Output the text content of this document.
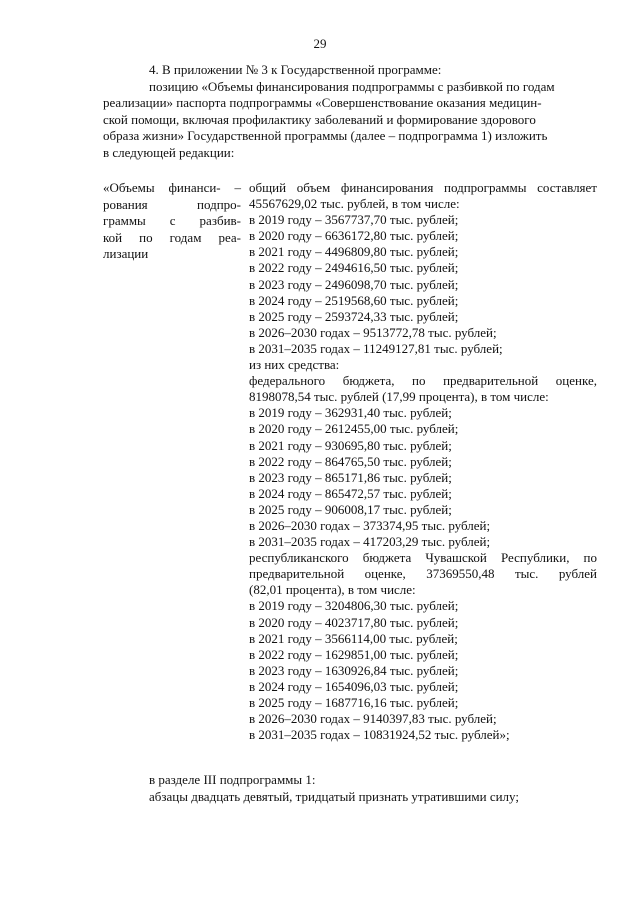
29

4. В приложении № 3 к Государственной программе:

позицию «Объемы финансирования подпрограммы с разбивкой по годам

реализации» паспорта подпрограммы «Совершенствование оказания медицин-

ской помощи, включая профилактику заболеваний и формирование здорового

образа жизни» Государственной программы (далее – подпрограмма 1) изложить

в следующей редакции:

«Объемы финанси- –

рования подпро-

граммы с разбив-

кой по годам реа-

лизации

общий объем финансирования подпрограммы составляет

45567629,02 тыс. рублей, в том числе:

в 2019 году – 3567737,70 тыс. рублей;

в 2020 году – 6636172,80 тыс. рублей;

в 2021 году – 4496809,80 тыс. рублей;

в 2022 году – 2494616,50 тыс. рублей;

в 2023 году – 2496098,70 тыс. рублей;

в 2024 году – 2519568,60 тыс. рублей;

в 2025 году – 2593724,33 тыс. рублей;

в 2026–2030 годах – 9513772,78 тыс. рублей;

в 2031–2035 годах – 11249127,81 тыс. рублей;

из них средства:

федерального бюджета, по предварительной оценке,

8198078,54 тыс. рублей (17,99 процента), в том числе:

в 2019 году – 362931,40 тыс. рублей;

в 2020 году – 2612455,00 тыс. рублей;

в 2021 году – 930695,80 тыс. рублей;

в 2022 году – 864765,50 тыс. рублей;

в 2023 году – 865171,86 тыс. рублей;

в 2024 году – 865472,57 тыс. рублей;

в 2025 году – 906008,17 тыс. рублей;

в 2026–2030 годах – 373374,95 тыс. рублей;

в 2031–2035 годах – 417203,29 тыс. рублей;

республиканского бюджета Чувашской Республики, по

предварительной оценке, 37369550,48 тыс. рублей

(82,01 процента), в том числе:

в 2019 году – 3204806,30 тыс. рублей;

в 2020 году – 4023717,80 тыс. рублей;

в 2021 году – 3566114,00 тыс. рублей;

в 2022 году – 1629851,00 тыс. рублей;

в 2023 году – 1630926,84 тыс. рублей;

в 2024 году – 1654096,03 тыс. рублей;

в 2025 году – 1687716,16 тыс. рублей;

в 2026–2030 годах – 9140397,83 тыс. рублей;

в 2031–2035 годах – 10831924,52 тыс. рублей»;

в разделе III подпрограммы 1:

абзацы двадцать девятый, тридцатый признать утратившими силу;
